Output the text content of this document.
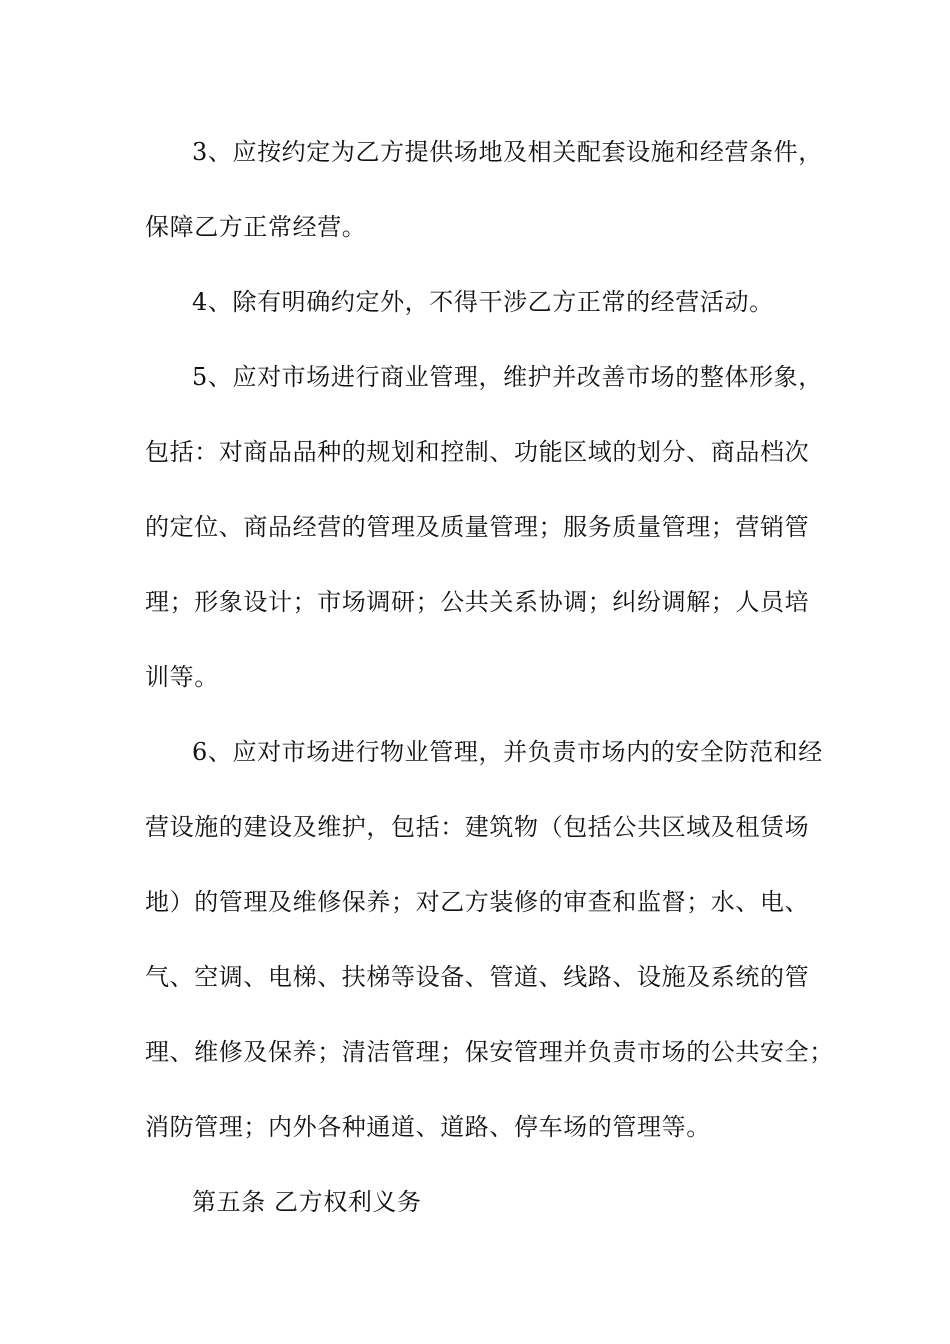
3、应按约定为乙方提供场地及相关配套设施和经营条件，
保障乙方正常经营。
4、除有明确约定外，不得干涉乙方正常的经营活动。
5、应对市场进行商业管理，维护并改善市场的整体形象，
包括：对商品品种的规划和控制、功能区域的划分、商品档次
的定位、商品经营的管理及质量管理；服务质量管理；营销管
理；形象设计；市场调研；公共关系协调；纠纷调解；人员培
训等。
6、应对市场进行物业管理，并负责市场内的安全防范和经
营设施的建设及维护，包括：建筑物（包括公共区域及租赁场
地）的管理及维修保养；对乙方装修的审查和监督；水、电、
气、空调、电梯、扶梯等设备、管道、线路、设施及系统的管
理、维修及保养；清洁管理；保安管理并负责市场的公共安全；
消防管理；内外各种通道、道路、停车场的管理等。
第五条 乙方权利义务
